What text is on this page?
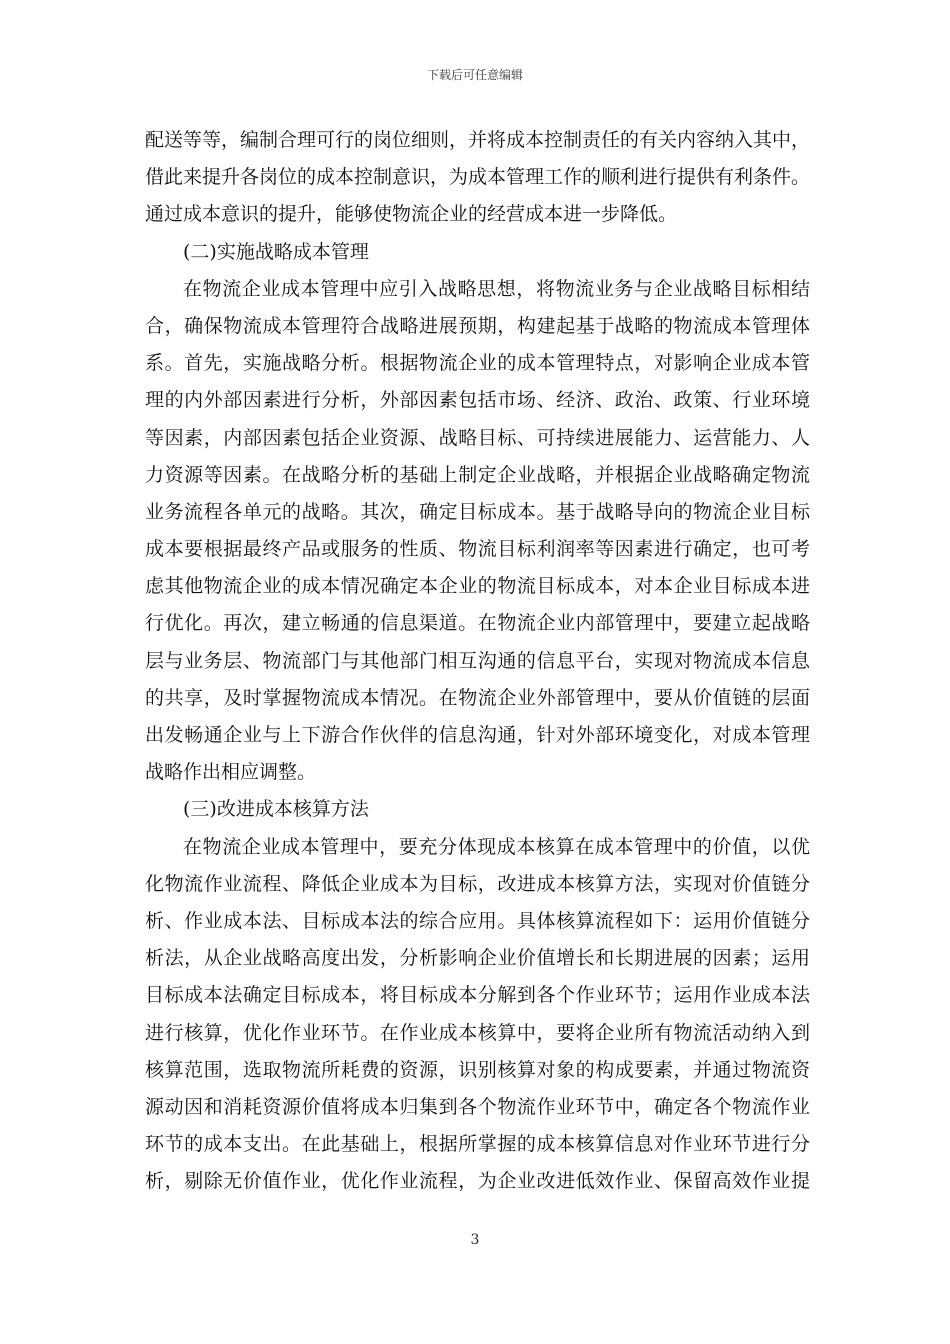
下载后可任意编辑
配送等等，编制合理可行的岗位细则，并将成本控制责任的有关内容纳入其中，
借此来提升各岗位的成本控制意识，为成本管理工作的顺利进行提供有利条件。
通过成本意识的提升，能够使物流企业的经营成本进一步降低。
(二)实施战略成本管理
在物流企业成本管理中应引入战略思想，将物流业务与企业战略目标相结
合，确保物流成本管理符合战略进展预期，构建起基于战略的物流成本管理体
系。首先，实施战略分析。根据物流企业的成本管理特点，对影响企业成本管
理的内外部因素进行分析，外部因素包括市场、经济、政治、政策、行业环境
等因素，内部因素包括企业资源、战略目标、可持续进展能力、运营能力、人
力资源等因素。在战略分析的基础上制定企业战略，并根据企业战略确定物流
业务流程各单元的战略。其次，确定目标成本。基于战略导向的物流企业目标
成本要根据最终产品或服务的性质、物流目标利润率等因素进行确定，也可考
虑其他物流企业的成本情况确定本企业的物流目标成本，对本企业目标成本进
行优化。再次，建立畅通的信息渠道。在物流企业内部管理中，要建立起战略
层与业务层、物流部门与其他部门相互沟通的信息平台，实现对物流成本信息
的共享，及时掌握物流成本情况。在物流企业外部管理中，要从价值链的层面
出发畅通企业与上下游合作伙伴的信息沟通，针对外部环境变化，对成本管理
战略作出相应调整。
(三)改进成本核算方法
在物流企业成本管理中，要充分体现成本核算在成本管理中的价值，以优
化物流作业流程、降低企业成本为目标，改进成本核算方法，实现对价值链分
析、作业成本法、目标成本法的综合应用。具体核算流程如下：运用价值链分
析法，从企业战略高度出发，分析影响企业价值增长和长期进展的因素；运用
目标成本法确定目标成本，将目标成本分解到各个作业环节；运用作业成本法
进行核算，优化作业环节。在作业成本核算中，要将企业所有物流活动纳入到
核算范围，选取物流所耗费的资源，识别核算对象的构成要素，并通过物流资
源动因和消耗资源价值将成本归集到各个物流作业环节中，确定各个物流作业
环节的成本支出。在此基础上，根据所掌握的成本核算信息对作业环节进行分
析，剔除无价值作业，优化作业流程，为企业改进低效作业、保留高效作业提
3
